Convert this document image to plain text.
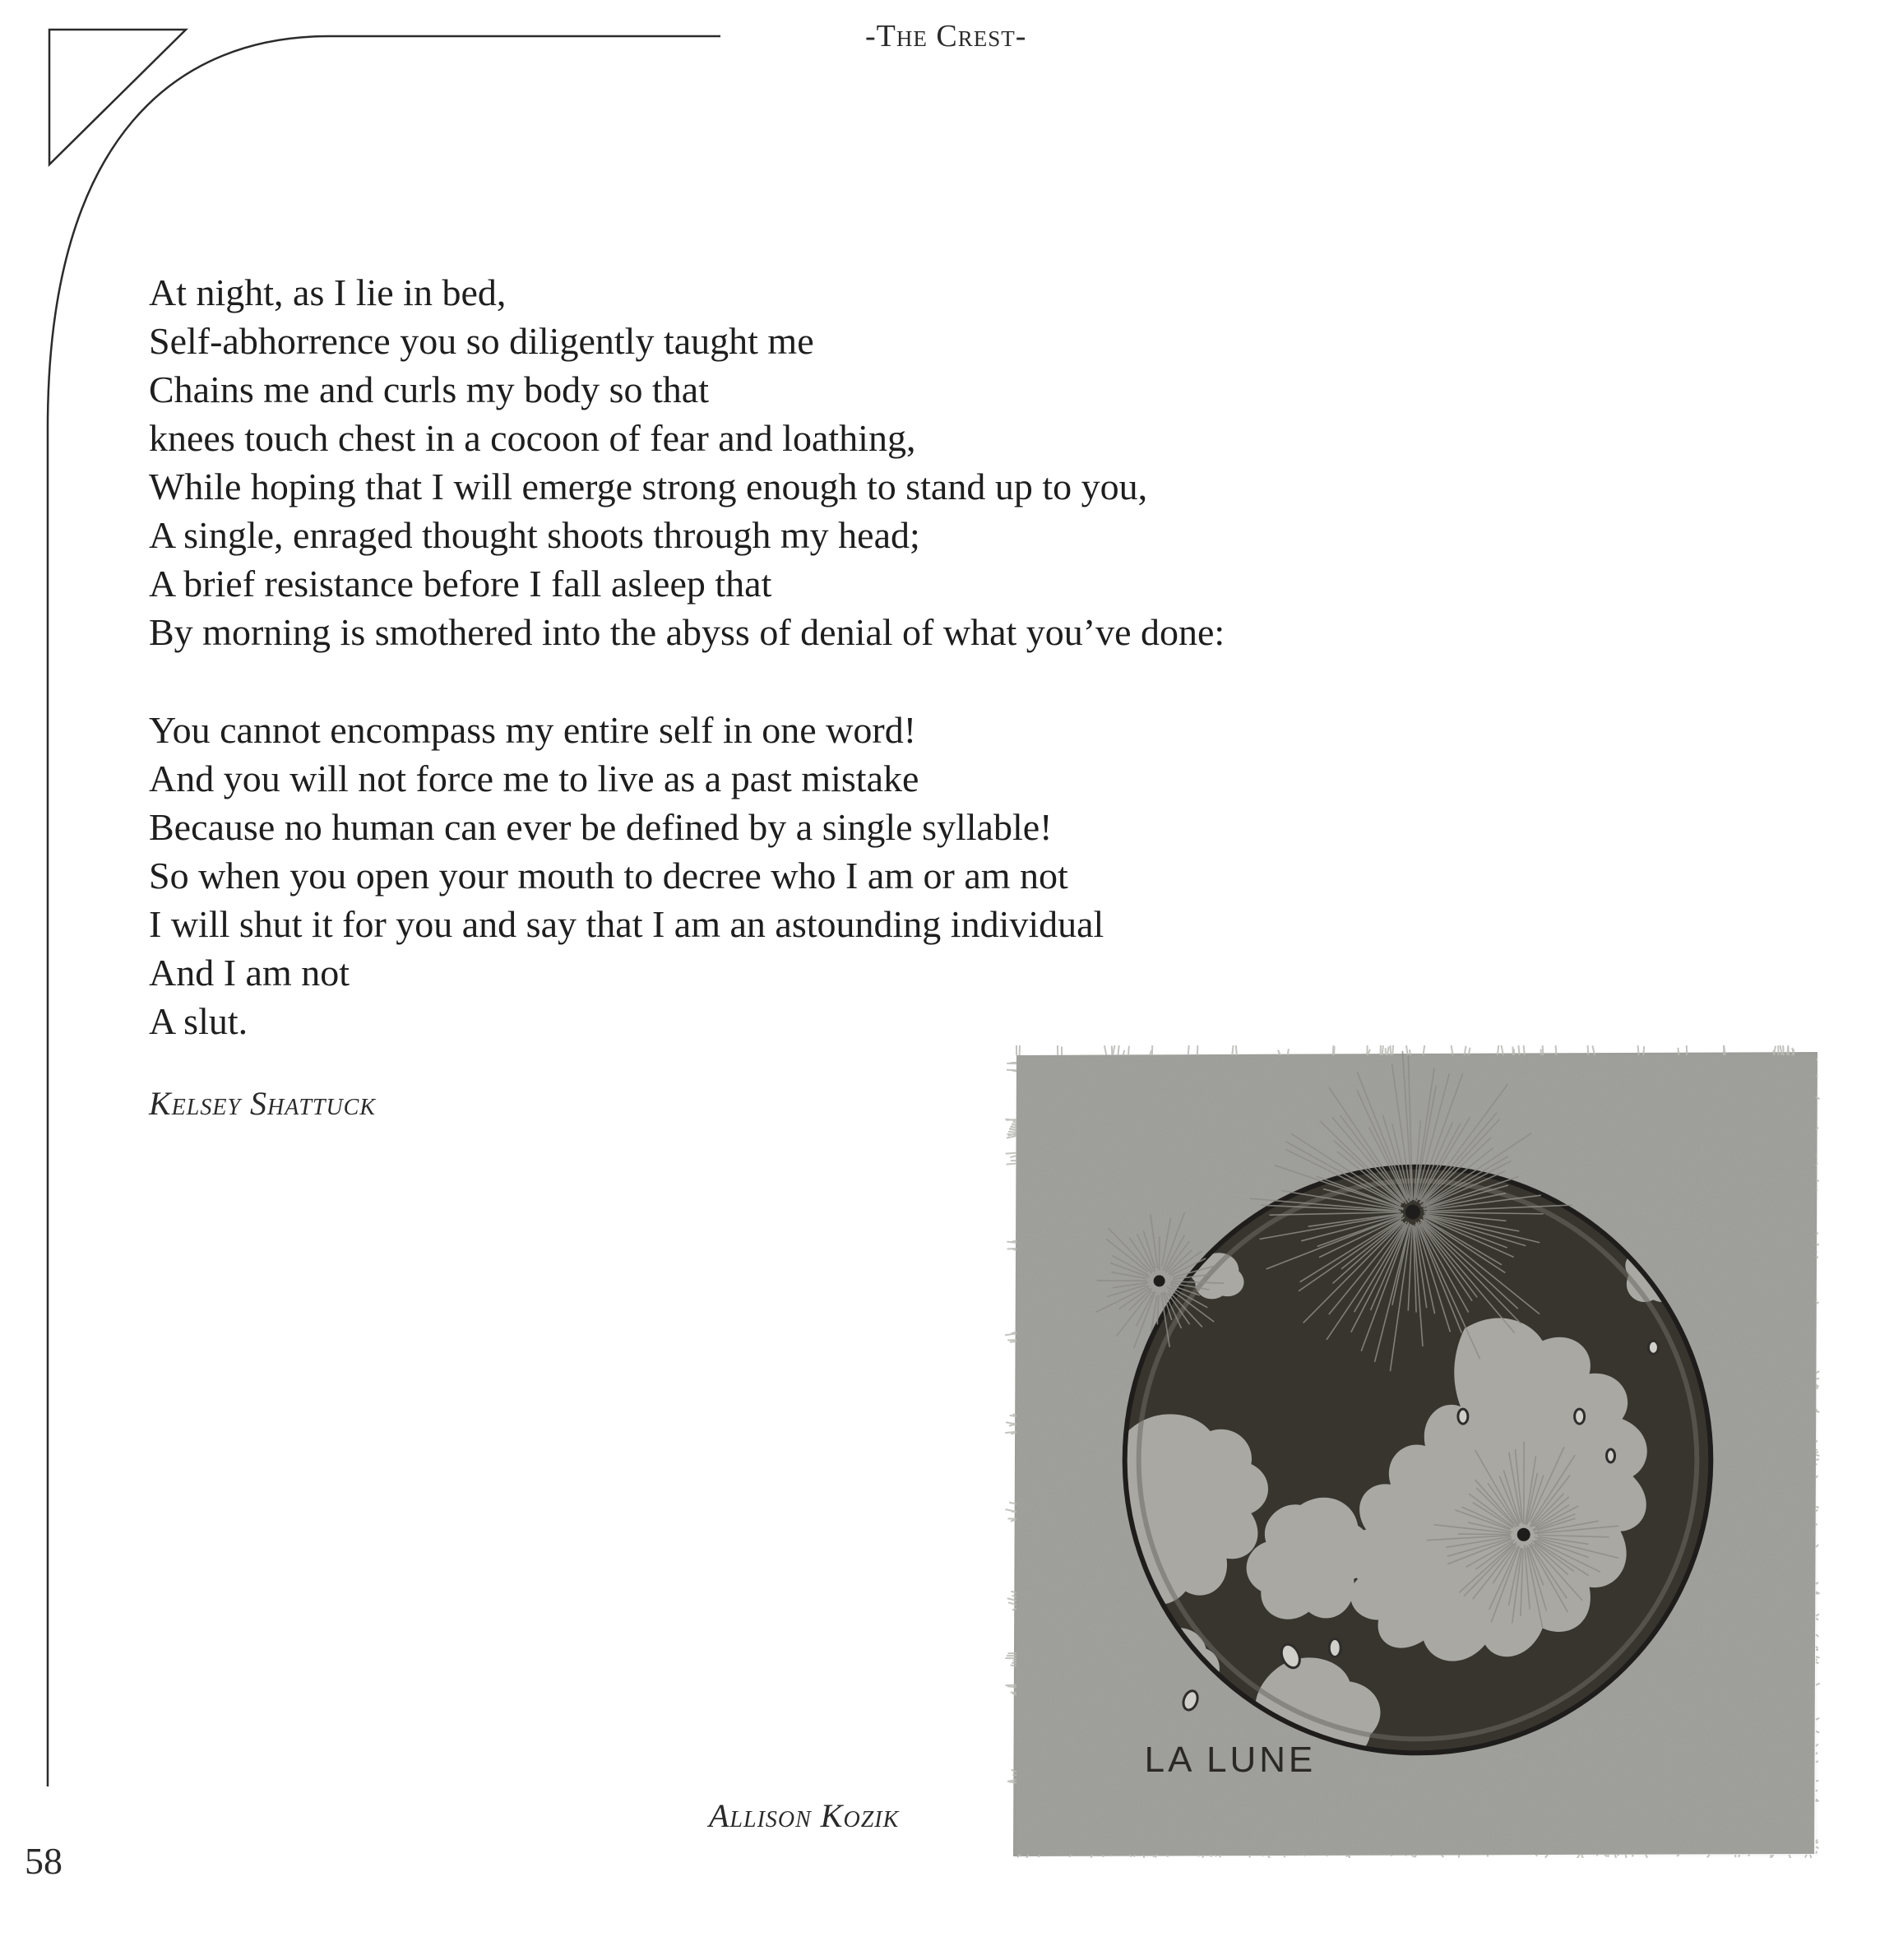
-The Crest-
At night, as I lie in bed,
Self-abhorrence you so diligently taught me
Chains me and curls my body so that
knees touch chest in a cocoon of fear and loathing,
While hoping that I will emerge strong enough to stand up to you,
A single, enraged thought shoots through my head;
A brief resistance before I fall asleep that
By morning is smothered into the abyss of denial of what you’ve done:
You cannot encompass my entire self in one word!
And you will not force me to live as a past mistake
Because no human can ever be defined by a single syllable!
So when you open your mouth to decree who I am or am not
I will shut it for you and say that I am an astounding individual
And I am not
A slut.
Kelsey Shattuck
LA LUNE
Allison Kozik
58
